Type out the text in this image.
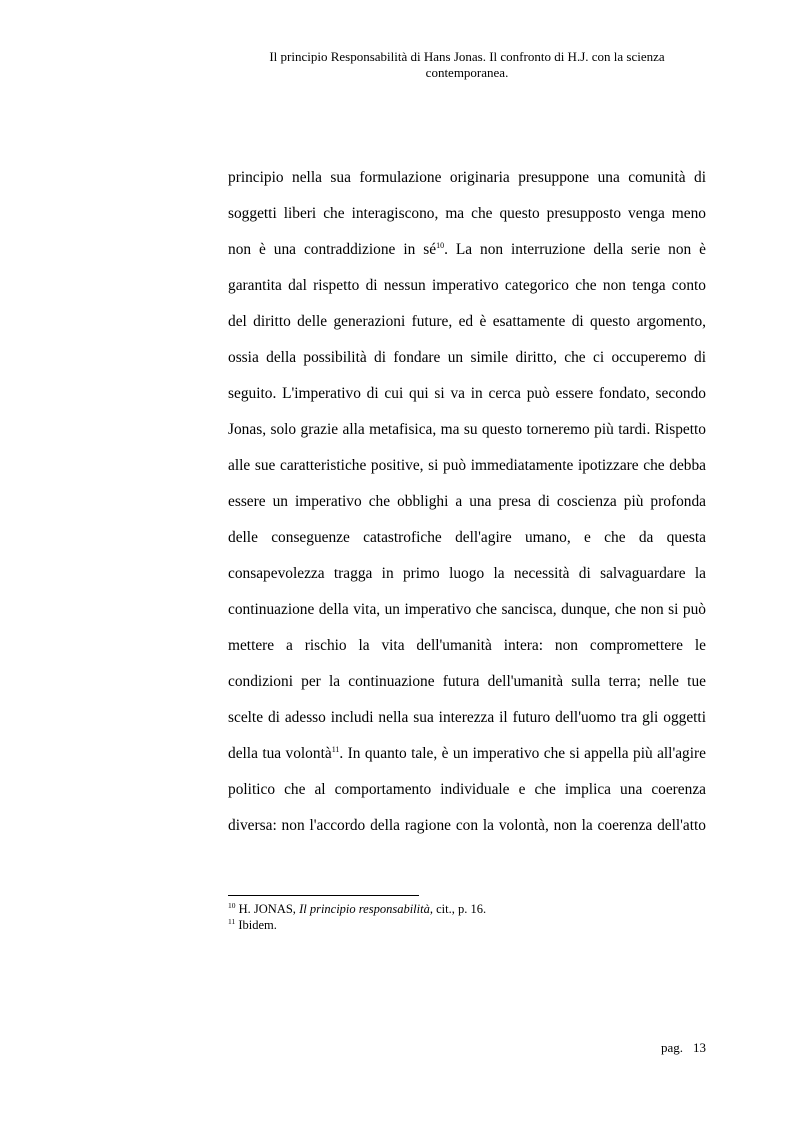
Il principio Responsabilità di Hans Jonas. Il confronto di H.J. con la scienza
contemporanea.
principio nella sua formulazione originaria presuppone una comunità di
soggetti liberi che interagiscono, ma che questo presupposto venga meno
non è una contraddizione in $sé^{10}$. La non interruzione della serie non è
garantita dal rispetto di nessun imperativo categorico che non tenga conto
del diritto delle generazioni future, ed è esattamente di questo argomento,
ossia della possibilità di fondare un simile diritto, che ci occuperemo di
seguito. L'imperativo di cui qui si va in cerca può essere fondato, secondo
Jonas, solo grazie alla metafisica, ma su questo torneremo più tardi. Rispetto
alle sue caratteristiche positive, si può immediatamente ipotizzare che debba
essere un imperativo che obblighi a una presa di coscienza più profonda
delle conseguenze catastrofiche dell'agire umano, e che da questa
consapevolezza tragga in primo luogo la necessità di salvaguardare la
continuazione della vita, un imperativo che sancisca, dunque, che non si può
mettere a rischio la vita dell'umanità intera: non compromettere le
condizioni per la continuazione futura dell'umanità sulla terra; nelle tue
scelte di adesso includi nella sua interezza il futuro dell'uomo tra gli oggetti
della tua volontà$^{11}$. In quanto tale, è un imperativo che si appella più all'agire
politico che al comportamento individuale e che implica una coerenza
diversa: non l'accordo della ragione con la volontà, non la coerenza dell'atto
$^{10}$ H. JONAS, Il principio responsabilità, cit., p. 16.
$^{11}$ Ibidem.
pag. 13
